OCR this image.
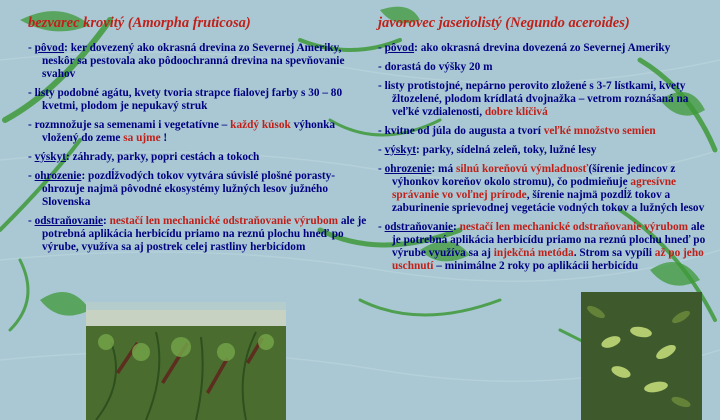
bezvarec krovitý (Amorpha fruticosa)
- pôvod: ker dovezený ako okrasná drevina zo Severnej Ameriky, neskôr sa pestovala ako pôdoochranná drevina na spevňovanie svahov
- listy podobné agátu, kvety tvoria strapce fialovej farby s 30 – 80 kvetmi, plodom je nepukavý struk
- rozmnožuje sa semenami i vegetatívne – každý kúsok výhonka vložený do zeme sa ujme !
- výskyt: záhrady, parky, popri cestách a tokoch
- ohrozenie: pozdĺžvodých tokov vytvára súvislé plošné porasty- ohrozuje najmä pôvodné ekosystémy lužných lesov južného Slovenska
- odstraňovanie: nestačí len mechanické odstraňovanie výrubom ale je potrebná aplikácia herbicídu priamo na reznú plochu hneď po výrube, využíva sa aj postrek celej rastliny herbicídom
javorovec jaseňolistý (Negundo aceroides)
- pôvod: ako okrasná drevina dovezená zo Severnej Ameriky
- dorastá do výšky 20 m
- listy protistojné, nepárno perovito zložené s 3-7 lístkami, kvety žltozelené, plodom krídlatá dvojnažka – vetrom roznášaná na veľké vzdialenosti, dobre klíčivá
- kvitne od júla do augusta a tvorí veľké množstvo semien
- výskyt: parky, sídelná zeleň, toky, lužné lesy
- ohrozenie: má silnú koreňovú výmladnosť(šírenie jedincov z výhonkov koreňov okolo stromu), čo podmieňuje agresívne správanie vo voľnej prírode, šírenie najmä pozdĺž tokov a zaburinenie sprievodnej vegetácie vodných tokov a lužných lesov
- odstraňovanie: nestačí len mechanické odstraňovanie výrubom ale je potrebná aplikácia herbicídu priamo na reznú plochu hneď po výrube využíva sa aj injekčná metóda. Strom sa vypíli až po jeho uschnutí – minimálne 2 roky po aplikácii herbicídu
